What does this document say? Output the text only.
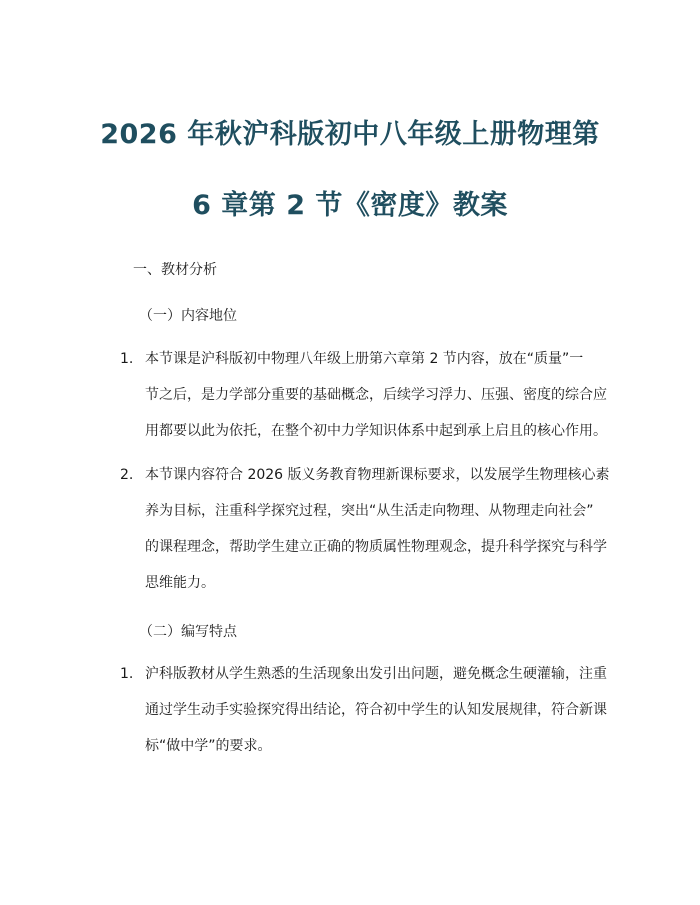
2026 年秋沪科版初中八年级上册物理第
6 章第 2 节《密度》教案
一、教材分析
（一）内容地位
1. 本节课是沪科版初中物理八年级上册第六章第 2 节内容，放在“质量”一
节之后，是力学部分重要的基础概念，后续学习浮力、压强、密度的综合应
用都要以此为依托，在整个初中力学知识体系中起到承上启且的核心作用。
2. 本节课内容符合 2026 版义务教育物理新课标要求，以发展学生物理核心素
养为目标，注重科学探究过程，突出“从生活走向物理、从物理走向社会”
的课程理念，帮助学生建立正确的物质属性物理观念，提升科学探究与科学
思维能力。
（二）编写特点
1. 沪科版教材从学生熟悉的生活现象出发引出问题，避免概念生硬灌输，注重
通过学生动手实验探究得出结论，符合初中学生的认知发展规律，符合新课
标“做中学”的要求。
